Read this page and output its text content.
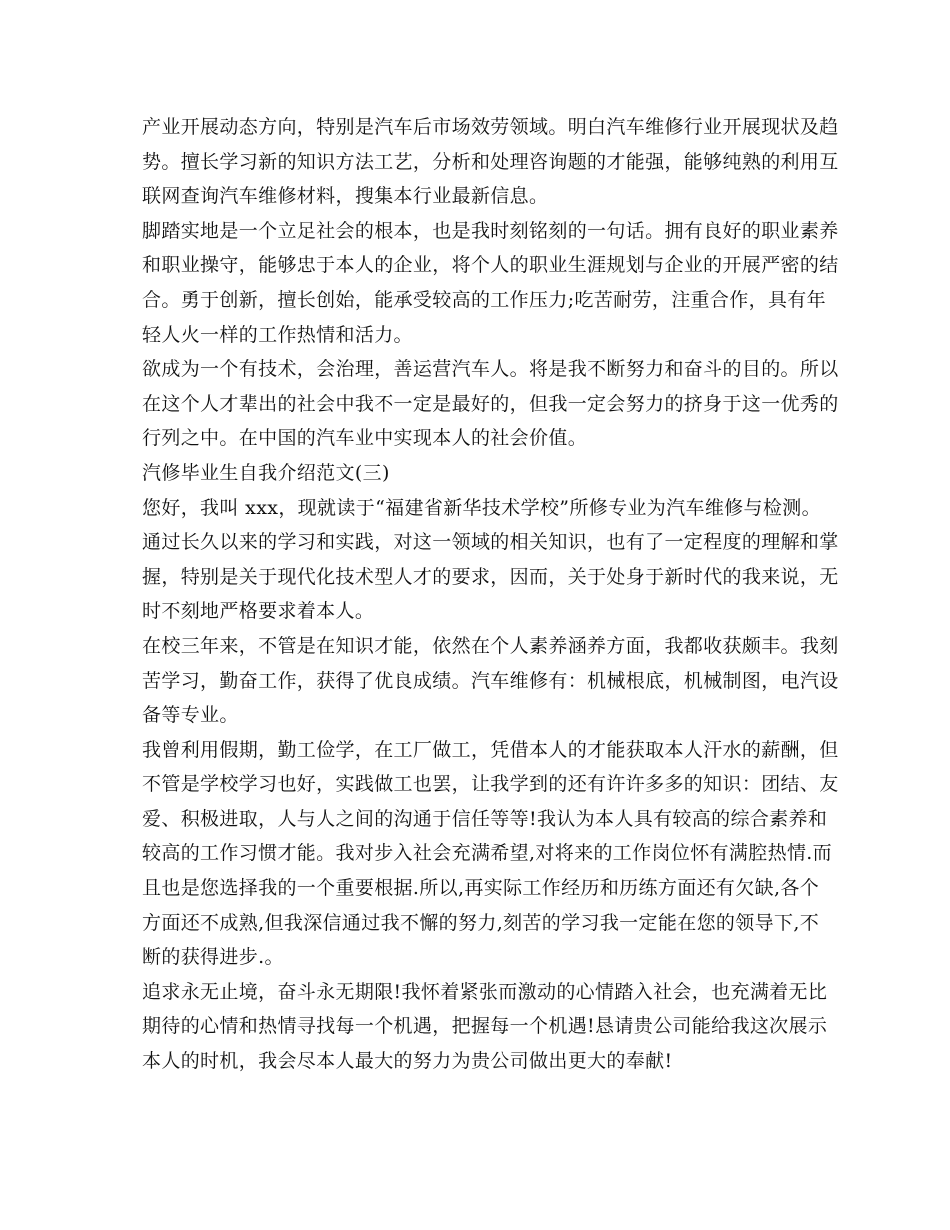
产业开展动态方向，特别是汽车后市场效劳领域。明白汽车维修行业开展现状及趋
势。擅长学习新的知识方法工艺，分析和处理咨询题的才能强，能够纯熟的利用互
联网查询汽车维修材料，搜集本行业最新信息。
脚踏实地是一个立足社会的根本，也是我时刻铭刻的一句话。拥有良好的职业素养
和职业操守，能够忠于本人的企业，将个人的职业生涯规划与企业的开展严密的结
合。勇于创新，擅长创始，能承受较高的工作压力;吃苦耐劳，注重合作，具有年
轻人火一样的工作热情和活力。
欲成为一个有技术，会治理，善运营汽车人。将是我不断努力和奋斗的目的。所以
在这个人才辈出的社会中我不一定是最好的，但我一定会努力的挤身于这一优秀的
行列之中。在中国的汽车业中实现本人的社会价值。
汽修毕业生自我介绍范文(三)
您好，我叫 xxx，现就读于“福建省新华技术学校”所修专业为汽车维修与检测。
通过长久以来的学习和实践，对这一领域的相关知识，也有了一定程度的理解和掌
握，特别是关于现代化技术型人才的要求，因而，关于处身于新时代的我来说，无
时不刻地严格要求着本人。
在校三年来，不管是在知识才能，依然在个人素养涵养方面，我都收获颇丰。我刻
苦学习，勤奋工作，获得了优良成绩。汽车维修有：机械根底，机械制图，电汽设
备等专业。
我曾利用假期，勤工俭学，在工厂做工，凭借本人的才能获取本人汗水的薪酬，但
不管是学校学习也好，实践做工也罢，让我学到的还有许许多多的知识：团结、友
爱、积极进取，人与人之间的沟通于信任等等!我认为本人具有较高的综合素养和
较高的工作习惯才能。我对步入社会充满希望,对将来的工作岗位怀有满腔热情.而
且也是您选择我的一个重要根据.所以,再实际工作经历和历练方面还有欠缺,各个
方面还不成熟,但我深信通过我不懈的努力,刻苦的学习我一定能在您的领导下,不
断的获得进步.。
追求永无止境，奋斗永无期限!我怀着紧张而激动的心情踏入社会，也充满着无比
期待的心情和热情寻找每一个机遇，把握每一个机遇!恳请贵公司能给我这次展示
本人的时机，我会尽本人最大的努力为贵公司做出更大的奉献!
